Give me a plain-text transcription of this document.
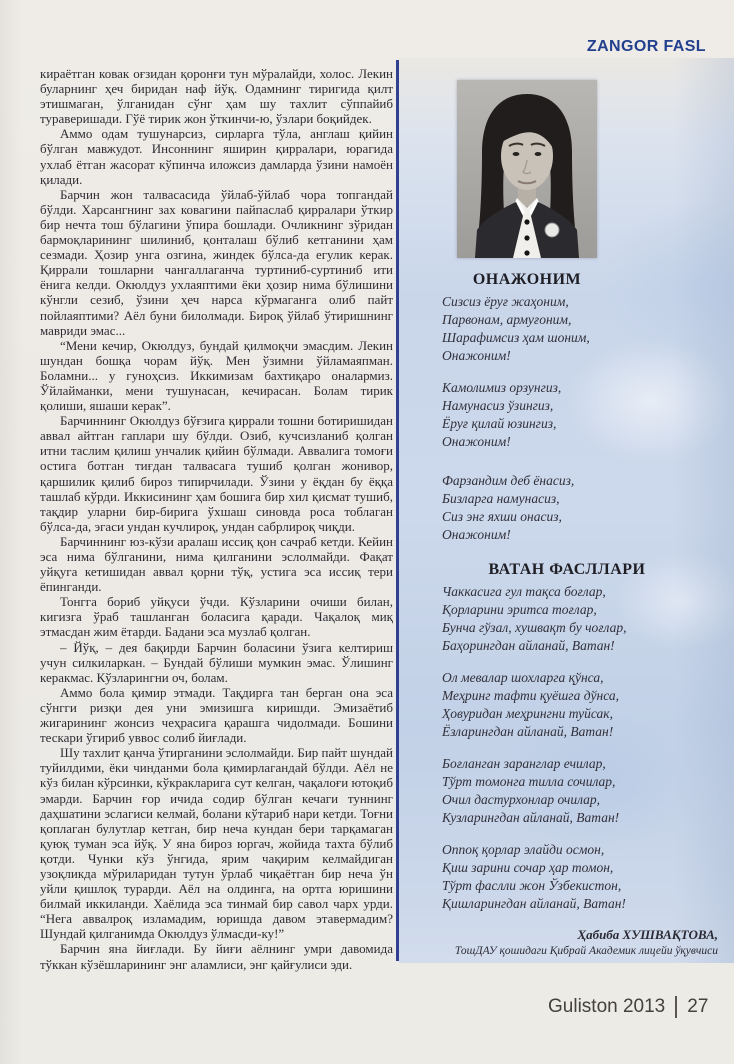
ZANGOR FASL

кираётган ковак оғзидан қоронғи тун мўралайди, холос. Лекин буларнинг ҳеч биридан наф йўқ. Одамнинг тиригида қилт этишмаган, ўлганидан сўнг ҳам шу тахлит сўппайиб тураверишади. Гўё тирик жон ўткинчи-ю, ўзлари боқийдек.

Аммо одам тушунарсиз, сирларга тўла, англаш қийин бўлган мавжудот. Инсоннинг яширин қирралари, юрагида ухлаб ётган жасорат кўпинча иложсиз дамларда ўзини намоён қилади.

Барчин жон талвасасида ўйлаб-ўйлаб чора топгандай бўлди. Харсангнинг зах ковагини пайпаслаб қирралари ўткир бир нечта тош бўлагини ўпира бошлади. Очликнинг зўридан бармоқларининг шилиниб, қонталаш бўлиб кетганини ҳам сезмади. Ҳозир унга озгина, жиндек бўлса-да егулик керак. Қиррали тошларни чангаллаганча туртиниб-суртиниб ити ёнига келди. Окюлдуз ухлаяптими ёки ҳозир нима бўлишини кўнгли сезиб, ўзини ҳеч нарса кўрмаганга олиб пайт пойлаяптими? Аёл буни билолмади. Бироқ ўйлаб ўтиришнинг мавриди эмас...

“Мени кечир, Окюлдуз, бундай қилмоқчи эмасдим. Лекин шундан бошқа чорам йўқ. Мен ўзимни ўйламаяпман. Боламни... у гуноҳсиз. Иккимизам бахтиқаро оналармиз. Ўйлайманки, мени тушунасан, кечирасан. Болам тирик қолиши, яшаши керак”.

Барчиннинг Окюлдуз бўғзига қиррали тошни ботиришидан аввал айтган гаплари шу бўлди. Озиб, кучсизланиб қолган итни таслим қилиш унчалик қийин бўлмади. Аввалига томоғи остига ботган тиғдан талвасага тушиб қолган жонивор, қаршилик қилиб бироз типирчилади. Ўзини у ёқдан бу ёққа ташлаб кўрди. Иккисининг ҳам бошига бир хил қисмат тушиб, тақдир уларни бир-бирига ўхшаш синовда роса тоблаган бўлса-да, эгаси ундан кучлироқ, ундан сабрлироқ чиқди.

Барчиннинг юз-кўзи аралаш иссиқ қон сачраб кетди. Кейин эса нима бўлганини, нима қилганини эслолмайди. Фақат уйқуга кетишидан аввал қорни тўқ, устига эса иссиқ тери ёпинганди.

Тонгга бориб уйқуси ўчди. Кўзларини очиши билан, кигизга ўраб ташланган боласига қаради. Чақалоқ миқ этмасдан жим ётарди. Бадани эса музлаб қолган.

– Йўқ, – дея бақирди Барчин боласини ўзига келтириш учун силкиларкан. – Бундай бўлиши мумкин эмас. Ўлишинг керакмас. Кўзларингни оч, болам.

Аммо бола қимир этмади. Тақдирга тан берган она эса сўнгги ризқи дея уни эмизишга киришди. Эмизаётиб жигарининг жонсиз чеҳрасига қарашга чидолмади. Бошини тескари ўгириб уввос солиб йиғлади.

Шу тахлит қанча ўтирганини эслолмайди. Бир пайт шундай туйилдими, ёки чинданми бола қимирлагандай бўлди. Аёл не кўз билан кўрсинки, кўкракларига сут келган, чақалоғи ютоқиб эмарди. Барчин ғор ичида содир бўлган кечаги туннинг даҳшатини эслагиси келмай, болани кўтариб нари кетди. Тоғни қоплаган булутлар кетган, бир неча кундан бери тарқамаган қуюқ туман эса йўқ. У яна бироз юргач, жойида тахта бўлиб қотди. Чунки кўз ўнгида, ярим чақирим келмайдиган узоқликда мўриларидан тутун ўрлаб чиқаётган бир неча ўн уйли қишлоқ турарди. Аёл на олдинга, на ортга юришини билмай иккиланди. Хаёлида эса тинмай бир савол чарх урди. “Нега аввалроқ изламадим, юришда давом этавермадим? Шундай қилганимда Окюлдуз ўлмасди-ку!”

Барчин яна йиғлади. Бу йиғи аёлнинг умри давомида тўккан кўзёшларининг энг аламлиси, энг қайғулиси эди.

ОНАЖОНИМ
Сизсиз ёруғ жаҳоним,
Парвонам, армуғоним,
Шарафимсиз ҳам шоним,
Онажоним!
Камолимиз орзунгиз,
Намунасиз ўзингиз,
Ёруғ қилай юзингиз,
Онажоним!
Фарзандим деб ёнасиз,
Бизларга намунасиз,
Сиз энг яхши онасиз,
Онажоним!
ВАТАН ФАСЛЛАРИ
Чаккасига гул тақса боғлар,
Қорларини эритса тоғлар,
Бунча гўзал, хушвақт бу чоғлар,
Баҳорингдан айланай, Ватан!
Ол мевалар шохларга қўнса,
Меҳринг тафти қуёшга дўнса,
Ҳовуридан меҳрингни туйсак,
Ёзларингдан айланай, Ватан!
Боғланган заранглар ечилар,
Тўрт томонга тилла сочилар,
Очил дастурхонлар очилар,
Кузларингдан айланай, Ватан!
Оппоқ қорлар элайди осмон,
Қиш зарини сочар ҳар томон,
Тўрт фаслли жон Ўзбекистон,
Қишларингдан айланай, Ватан!
Ҳабиба ХУШВАҚТОВА,
ТошДАУ қошидаги Қибрай Академик лицейи ўқувчиси
Guliston 2013 27
